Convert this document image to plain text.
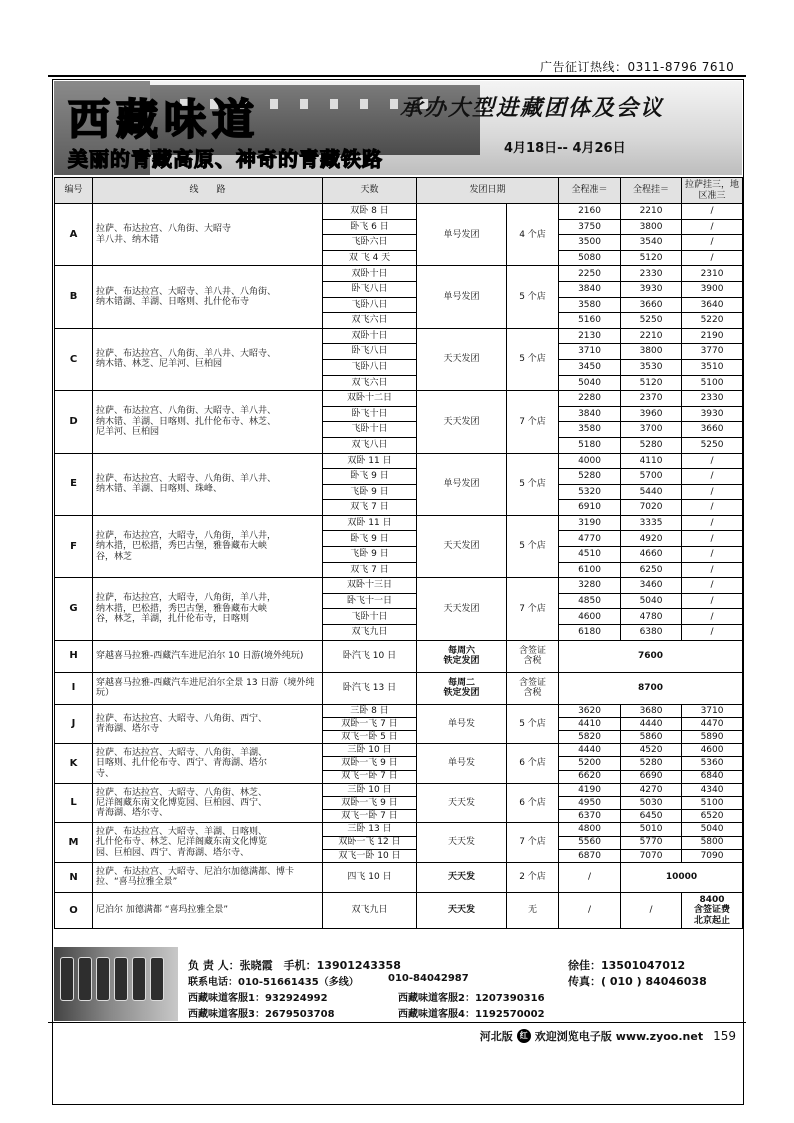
广告征订热线：0311-8796 7610
西藏味道
美丽的青藏高原、神奇的青藏铁路
承办大型进藏团体及会议
4月18日-- 4月26日
编号	线　　路	天数	发团日期		全程准＝	全程挂＝	拉萨挂三，地区准三
A	拉萨、布达拉宫、八角街、大昭寺
羊八井、纳木错	双卧 8 日	单号发团	4 个店	2160	2210	/
		卧飞 6 日			3750	3800	/
		飞卧六日			3500	3540	/
		双 飞 4 天			5080	5120	/
B	拉萨、布达拉宫、大昭寺、羊八井、八角街、
纳木错湖、羊湖、日喀则、扎什伦布寺	双卧十日	单号发团	5 个店	2250	2330	2310
		卧飞八日			3840	3930	3900
		飞卧八日			3580	3660	3640
		双飞六日			5160	5250	5220
C	拉萨、布达拉宫、八角街、羊八井、大昭寺、
纳木错、林芝、尼羊河、巨柏园	双卧十日	天天发团	5 个店	2130	2210	2190
		卧飞八日			3710	3800	3770
		飞卧八日			3450	3530	3510
		双飞六日			5040	5120	5100
D	拉萨、布达拉宫、八角街、大昭寺、羊八井、
纳木错、羊湖、日喀则、扎什伦布寺、林芝、
尼羊河、巨柏园	双卧十二日	天天发团	7 个店	2280	2370	2330
		卧飞十日			3840	3960	3930
		飞卧十日			3580	3700	3660
		双飞八日			5180	5280	5250
E	拉萨、布达拉宫、大昭寺、八角街、羊八井、
纳木错、羊湖、日喀则、珠峰、	双卧 11 日	单号发团	5 个店	4000	4110	/
		卧飞 9 日			5280	5700	/
		飞卧 9 日			5320	5440	/
		双飞 7 日			6910	7020	/
F	拉萨，布达拉宫，大昭寺，八角街，羊八井，
纳木措，巴松措，秀巴古堡，雅鲁藏布大峡
谷，林芝	双卧 11 日	天天发团	5 个店	3190	3335	/
		卧飞 9 日			4770	4920	/
		飞卧 9 日			4510	4660	/
		双飞 7 日			6100	6250	/
G	拉萨，布达拉宫，大昭寺，八角街，羊八井，
纳木措，巴松措，秀巴古堡，雅鲁藏布大峡
谷，林芝，羊湖，扎什伦布寺，日喀则	双卧十三日	天天发团	7 个店	3280	3460	/
		卧飞十一日			4850	5040	/
		飞卧十日			4600	4780	/
		双飞九日			6180	6380	/
H	穿越喜马拉雅-西藏汽车进尼泊尔 10 日游(境外纯玩)	卧汽飞 10 日	每周六
铁定发团	含签证
含税	7600		
I	穿越喜马拉雅-西藏汽车进尼泊尔全景 13 日游（境外纯玩）	卧汽飞 13 日	每周二
铁定发团	含签证
含税	8700		
J	拉萨、布达拉宫、大昭寺、八角街、西宁、
青海湖、塔尔寺	三卧 8 日	单号发	5 个店	3620	3680	3710
		双卧一飞 7 日			4410	4440	4470
		双飞一卧 5 日			5820	5860	5890
K	拉萨、布达拉宫、大昭寺、八角街、羊湖、
日喀则、扎什伦布寺、西宁、青海湖、塔尔
寺、	三卧 10 日	单号发	6 个店	4440	4520	4600
		双卧一飞 9 日			5200	5280	5360
		双飞一卧 7 日			6620	6690	6840
L	拉萨、布达拉宫、大昭寺、八角街、林芝、
尼洋阁藏东南文化博览园、巨柏园、西宁、
青海湖、塔尔寺、	三卧 10 日	天天发	6 个店	4190	4270	4340
		双卧一飞 9 日			4950	5030	5100
		双飞一卧 7 日			6370	6450	6520
M	拉萨、布达拉宫、大昭寺、羊湖、日喀则、
扎什伦布寺、林芝、尼洋阁藏东南文化博览
园、巨柏园、西宁、青海湖、塔尔寺、	三卧 13 日	天天发	7 个店	4800	5010	5040
		双卧一飞 12 日			5560	5770	5800
		双飞一卧 10 日			6870	7070	7090
N	拉萨、布达拉宫、大昭寺、尼泊尔加德满都、博卡拉、“喜马拉雅全景”	四飞 10 日	天天发	2 个店	/	10000	
O	尼泊尔 加德满都 “喜玛拉雅全景”	双飞九日	天天发	无	/	/	8400
含签证费
北京起止
负 责 人：张晓霞　手机：13901243358	徐佳：13501047012
联系电话：010-51661435（多线）	010-84042987	传真：( 010 ) 84046038
西藏味道客服1：932924992	西藏味道客服2：1207390316
西藏味道客服3：2679503708	西藏味道客服4：1192570002
河北版 红 欢迎浏览电子版 www.zyoo.net 159
